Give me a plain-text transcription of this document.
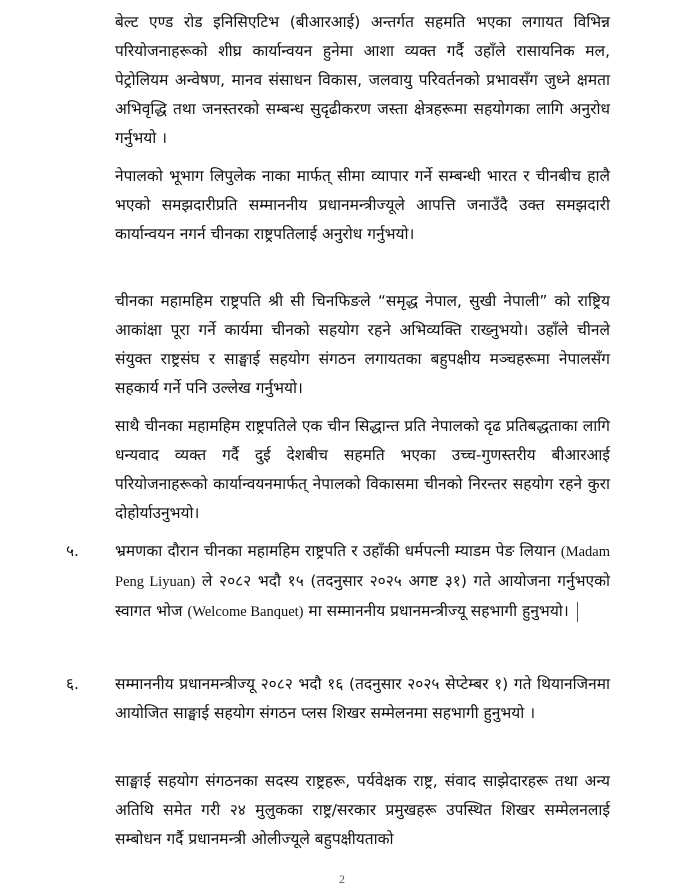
बेल्ट एण्ड रोड इनिसिएटिभ (बीआरआई) अन्तर्गत सहमति भएका लगायत विभिन्न परियोजनाहरूको शीघ्र कार्यान्वयन हुनेमा आशा व्यक्त गर्दै उहाँले रासायनिक मल, पेट्रोलियम अन्वेषण, मानव संसाधन विकास, जलवायु परिवर्तनको प्रभावसँग जुध्ने क्षमता अभिवृद्धि तथा जनस्तरको सम्बन्ध सुदृढीकरण जस्ता क्षेत्रहरूमा सहयोगका लागि अनुरोध गर्नुभयो ।

नेपालको भूभाग लिपुलेक नाका मार्फत् सीमा व्यापार गर्ने सम्बन्धी भारत र चीनबीच हालै भएको समझदारीप्रति सम्माननीय प्रधानमन्त्रीज्यूले आपत्ति जनाउँदै उक्त समझदारी कार्यान्वयन नगर्न चीनका राष्ट्रपतिलाई अनुरोध गर्नुभयो।

चीनका महामहिम राष्ट्रपति श्री सी चिनफिङले “समृद्ध नेपाल, सुखी नेपाली” को राष्ट्रिय आकांक्षा पूरा गर्ने कार्यमा चीनको सहयोग रहने अभिव्यक्ति राख्नुभयो। उहाँले चीनले संयुक्त राष्ट्रसंघ र साङ्घाई सहयोग संगठन लगायतका बहुपक्षीय मञ्चहरूमा नेपालसँग सहकार्य गर्ने पनि उल्लेख गर्नुभयो।

साथै चीनका महामहिम राष्ट्रपतिले एक चीन सिद्धान्त प्रति नेपालको दृढ प्रतिबद्धताका लागि धन्यवाद व्यक्त गर्दै दुई देशबीच सहमति भएका उच्च-गुणस्तरीय बीआरआई परियोजनाहरूको कार्यान्वयनमार्फत् नेपालको विकासमा चीनको निरन्तर सहयोग रहने कुरा दोहोर्याउनुभयो।

५. भ्रमणका दौरान चीनका महामहिम राष्ट्रपति र उहाँकी धर्मपत्नी म्याडम पेङ लियान (Madam Peng Liyuan) ले २०८२ भदौ १५ (तदनुसार २०२५ अगष्ट ३१) गते आयोजना गर्नुभएको स्वागत भोज (Welcome Banquet) मा सम्माननीय प्रधानमन्त्रीज्यू सहभागी हुनुभयो।

६. सम्माननीय प्रधानमन्त्रीज्यू २०८२ भदौ १६ (तदनुसार २०२५ सेप्टेम्बर १) गते थियानजिनमा आयोजित साङ्घाई सहयोग संगठन प्लस शिखर सम्मेलनमा सहभागी हुनुभयो ।

साङ्घाई सहयोग संगठनका सदस्य राष्ट्रहरू, पर्यवेक्षक राष्ट्र, संवाद साझेदारहरू तथा अन्य अतिथि समेत गरी २४ मुलुकका राष्ट्र/सरकार प्रमुखहरू उपस्थित शिखर सम्मेलनलाई सम्बोधन गर्दै प्रधानमन्त्री ओलीज्यूले बहुपक्षीयताको

2
